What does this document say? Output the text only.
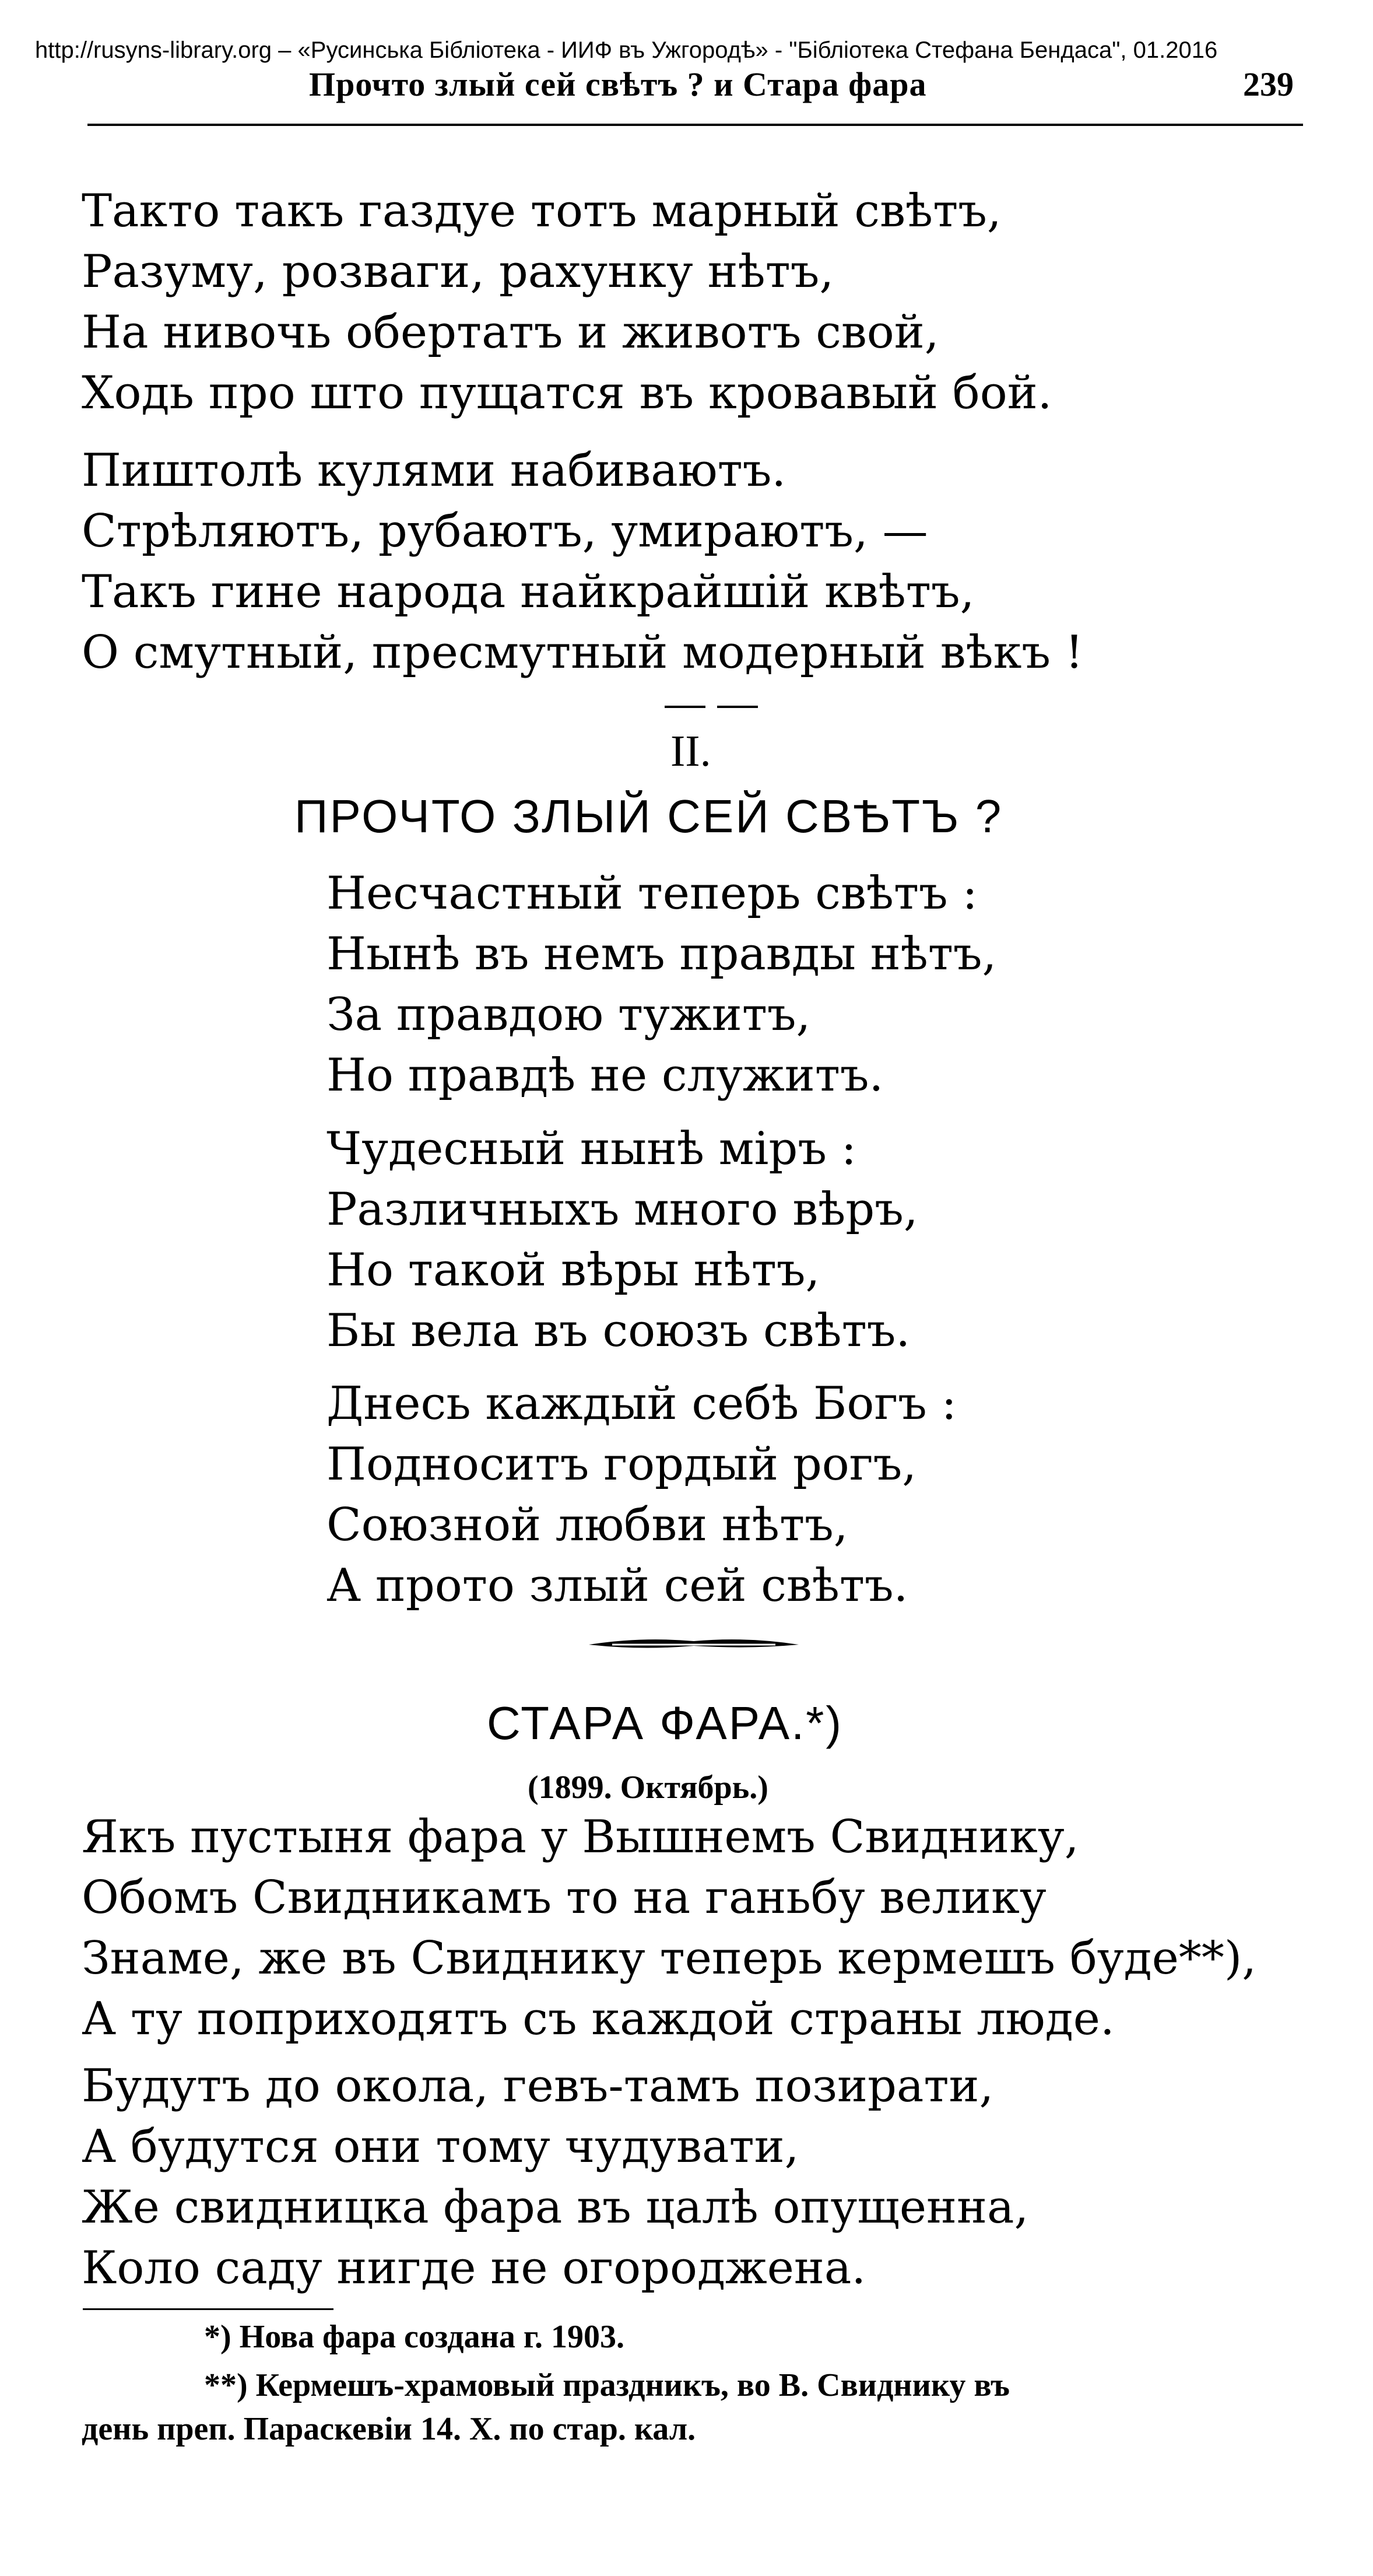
http://rusyns-library.org – «Русинська Бібліотека - ИИФ въ Ужгородѣ» - "Бібліотека Стефана Бендаса", 01.2016
Прочто злый сей свѣтъ ? и Стара фара	239
Такто такъ газдуе тотъ марный свѣтъ,
Разуму, розваги, рахунку нѣтъ,
На нивочь обертатъ и животъ свой,
Ходь про што пущатся въ кровавый бой.
Пиштолѣ кулями набиваютъ.
Стрѣляютъ, рубаютъ, умираютъ, —
Такъ гине народа найкрайшій квѣтъ,
О смутный, пресмутный модерный вѣкъ !
II.
ПРОЧТО ЗЛЫЙ СЕЙ СВѢТЪ ?
Несчастный теперь свѣтъ :
Нынѣ въ немъ правды нѣтъ,
За правдою тужитъ,
Но правдѣ не служитъ.
Чудесный нынѣ міръ :
Различныхъ много вѣръ,
Но такой вѣры нѣтъ,
Бы вела въ союзъ свѣтъ.
Днесь каждый себѣ Богъ :
Подноситъ гордый рогъ,
Союзной любви нѣтъ,
А прото злый сей свѣтъ.
СТАРА ФАРА.*)
(1899. Октябрь.)
Якъ пустыня фара у Вышнемъ Свиднику,
Обомъ Свидникамъ то на ганьбу велику
Знаме, же въ Свиднику теперь кермешъ буде**),
А ту поприходятъ съ каждой страны люде.
Будутъ до окола, гевъ-тамъ позирати,
А будутся они тому чудувати,
Же свидницка фара въ цалѣ опущенна,
Коло саду нигде не огороджена.
*) Нова фара создана г. 1903.
**) Кермешъ-храмовый праздникъ, во В. Свиднику въ
день преп. Параскевіи 14. Х. по стар. кал.
